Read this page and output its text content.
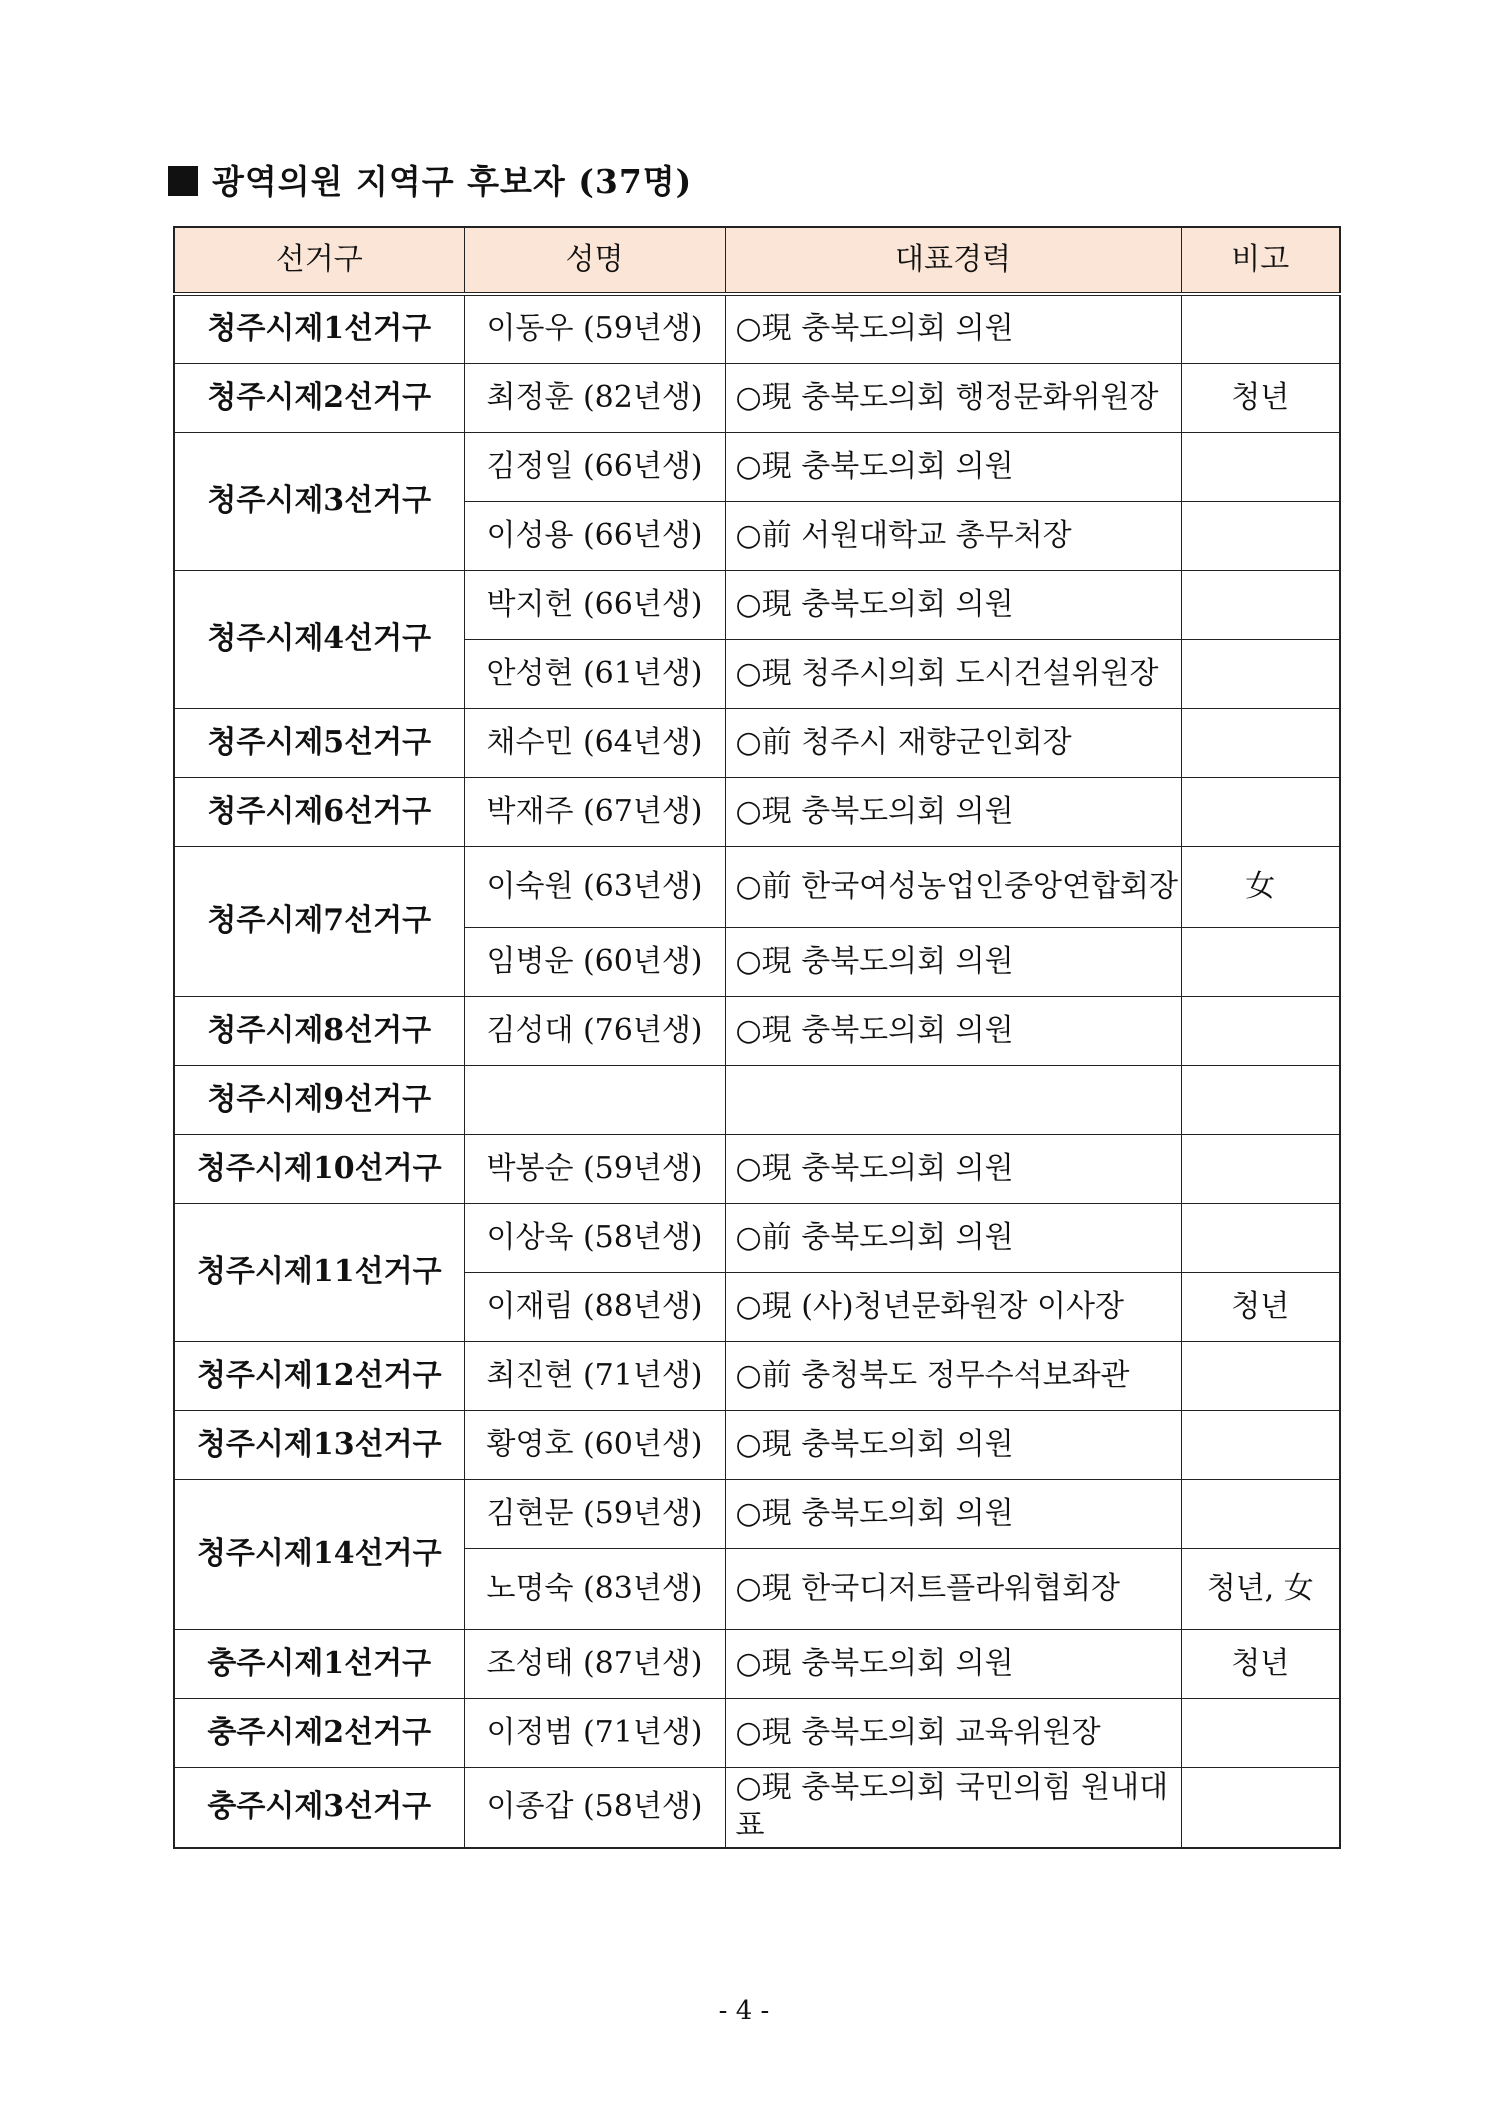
광역의원 지역구 후보자 (37명)
선거구	성명	대표경력	비고
청주시제1선거구	이동우 (59년생)	○現 충북도의회 의원	
청주시제2선거구	최정훈 (82년생)	○現 충북도의회 행정문화위원장	청년
청주시제3선거구	김정일 (66년생)	○現 충북도의회 의원	
	이성용 (66년생)	○前 서원대학교 총무처장	
청주시제4선거구	박지헌 (66년생)	○現 충북도의회 의원	
	안성현 (61년생)	○現 청주시의회 도시건설위원장	
청주시제5선거구	채수민 (64년생)	○前 청주시 재향군인회장	
청주시제6선거구	박재주 (67년생)	○現 충북도의회 의원	
청주시제7선거구	이숙원 (63년생)	○前 한국여성농업인중앙연합회장	女
	임병운 (60년생)	○現 충북도의회 의원	
청주시제8선거구	김성대 (76년생)	○現 충북도의회 의원	
청주시제9선거구			
청주시제10선거구	박봉순 (59년생)	○現 충북도의회 의원	
청주시제11선거구	이상욱 (58년생)	○前 충북도의회 의원	
	이재림 (88년생)	○現 (사)청년문화원장 이사장	청년
청주시제12선거구	최진현 (71년생)	○前 충청북도 정무수석보좌관	
청주시제13선거구	황영호 (60년생)	○現 충북도의회 의원	
청주시제14선거구	김현문 (59년생)	○現 충북도의회 의원	
	노명숙 (83년생)	○現 한국디저트플라워협회장	청년, 女
충주시제1선거구	조성태 (87년생)	○現 충북도의회 의원	청년
충주시제2선거구	이정범 (71년생)	○現 충북도의회 교육위원장	
충주시제3선거구	이종갑 (58년생)	○現 충북도의회 국민의힘 원내대표	
- 4 -
